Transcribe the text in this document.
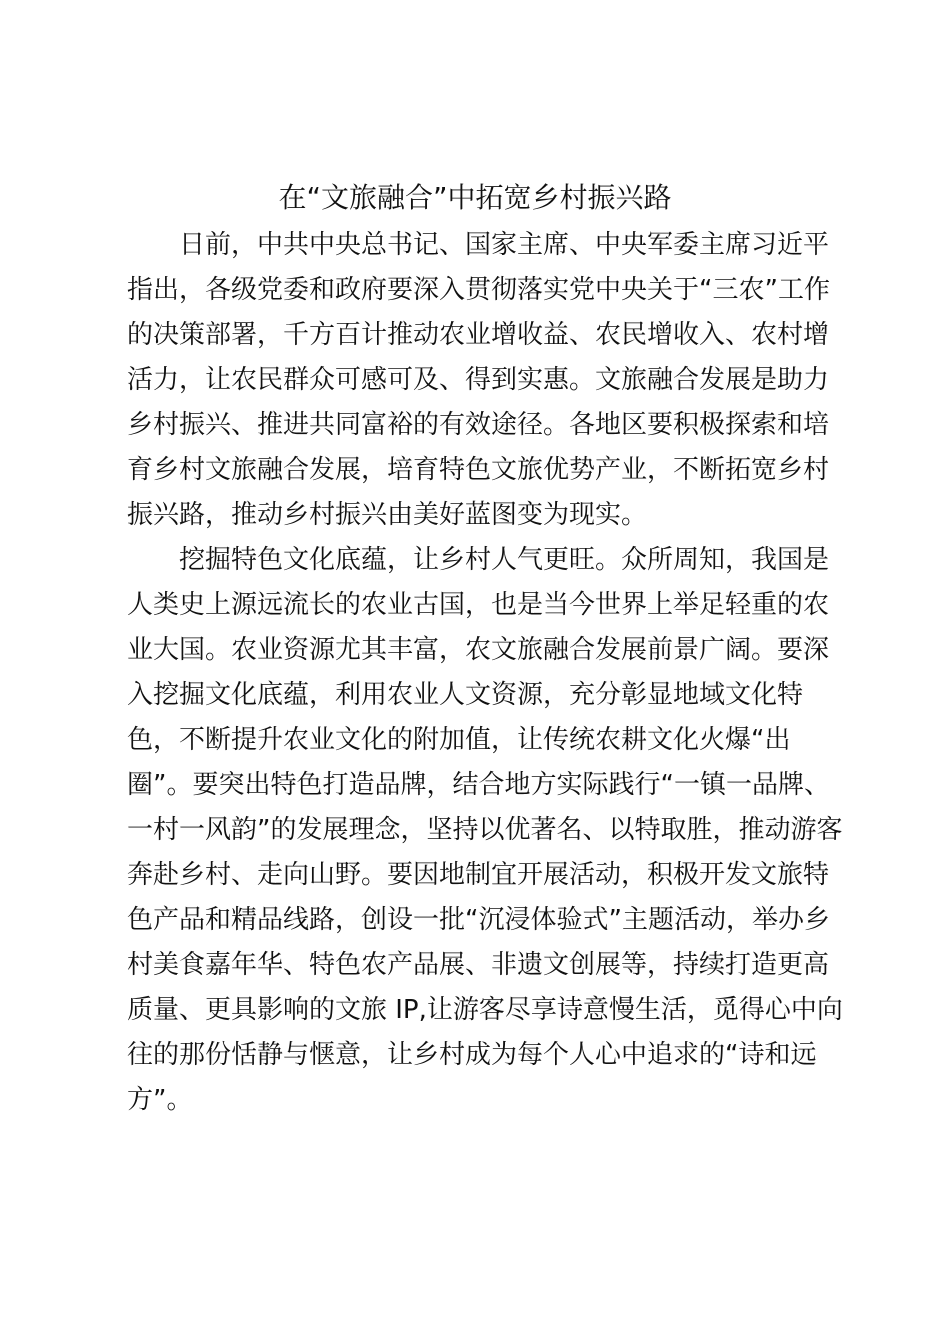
在“文旅融合”中拓宽乡村振兴路

日前，中共中央总书记、国家主席、中央军委主席习近平

指出，各级党委和政府要深入贯彻落实党中央关于“三农”工作

的决策部署，千方百计推动农业增收益、农民增收入、农村增

活力，让农民群众可感可及、得到实惠。文旅融合发展是助力

乡村振兴、推进共同富裕的有效途径。各地区要积极探索和培

育乡村文旅融合发展，培育特色文旅优势产业，不断拓宽乡村

振兴路，推动乡村振兴由美好蓝图变为现实。

挖掘特色文化底蕴，让乡村人气更旺。众所周知，我国是

人类史上源远流长的农业古国，也是当今世界上举足轻重的农

业大国。农业资源尤其丰富，农文旅融合发展前景广阔。要深

入挖掘文化底蕴，利用农业人文资源，充分彰显地域文化特

色，不断提升农业文化的附加值，让传统农耕文化火爆“出

圈”。要突出特色打造品牌，结合地方实际践行“一镇一品牌、

一村一风韵”的发展理念，坚持以优著名、以特取胜，推动游客

奔赴乡村、走向山野。要因地制宜开展活动，积极开发文旅特

色产品和精品线路，创设一批“沉浸体验式”主题活动，举办乡

村美食嘉年华、特色农产品展、非遗文创展等，持续打造更高

质量、更具影响的文旅 IP,让游客尽享诗意慢生活，觅得心中向

往的那份恬静与惬意，让乡村成为每个人心中追求的“诗和远

方”。
